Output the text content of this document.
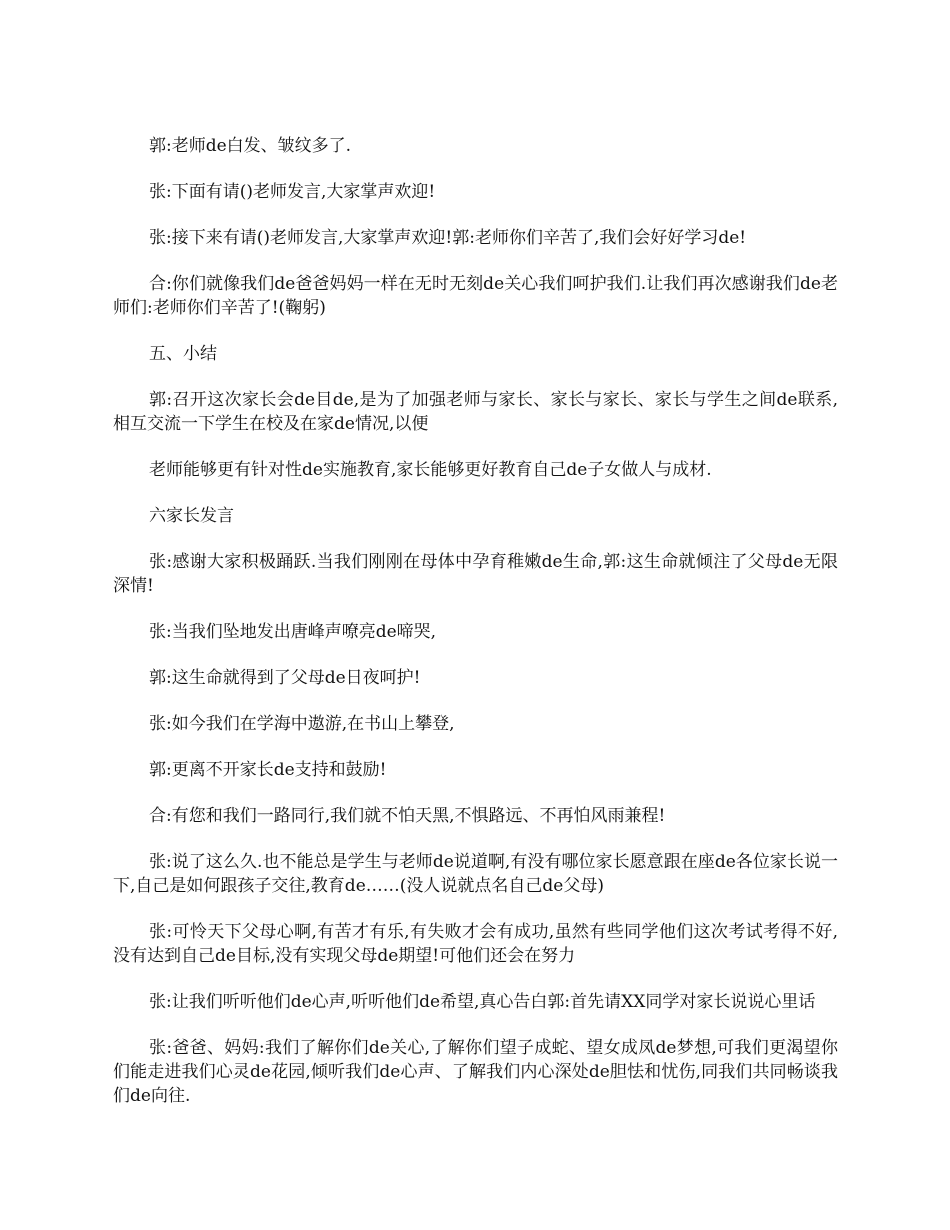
郭:老师de白发、皱纹多了.

张:下面有请()老师发言,大家掌声欢迎!

张:接下来有请()老师发言,大家掌声欢迎!郭:老师你们辛苦了,我们会好好学习de!

合:你们就像我们de爸爸妈妈一样在无时无刻de关心我们呵护我们.让我们再次感谢我们de老师们:老师你们辛苦了!(鞠躬)

五、小结

郭:召开这次家长会de目de,是为了加强老师与家长、家长与家长、家长与学生之间de联系,相互交流一下学生在校及在家de情况,以便

老师能够更有针对性de实施教育,家长能够更好教育自己de子女做人与成材.

六家长发言

张:感谢大家积极踊跃.当我们刚刚在母体中孕育稚嫩de生命,郭:这生命就倾注了父母de无限深情!

张:当我们坠地发出唐峰声嘹亮de啼哭,

郭:这生命就得到了父母de日夜呵护!

张:如今我们在学海中遨游,在书山上攀登,

郭:更离不开家长de支持和鼓励!

合:有您和我们一路同行,我们就不怕天黑,不惧路远、不再怕风雨兼程!

张:说了这么久.也不能总是学生与老师de说道啊,有没有哪位家长愿意跟在座de各位家长说一下,自己是如何跟孩子交往,教育de……(没人说就点名自己de父母)

张:可怜天下父母心啊,有苦才有乐,有失败才会有成功,虽然有些同学他们这次考试考得不好,没有达到自己de目标,没有实现父母de期望!可他们还会在努力

张:让我们听听他们de心声,听听他们de希望,真心告白郭:首先请XX同学对家长说说心里话

张:爸爸、妈妈:我们了解你们de关心,了解你们望子成蛇、望女成凤de梦想,可我们更渴望你们能走进我们心灵de花园,倾听我们de心声、了解我们内心深处de胆怯和忧伤,同我们共同畅谈我们de向往.
